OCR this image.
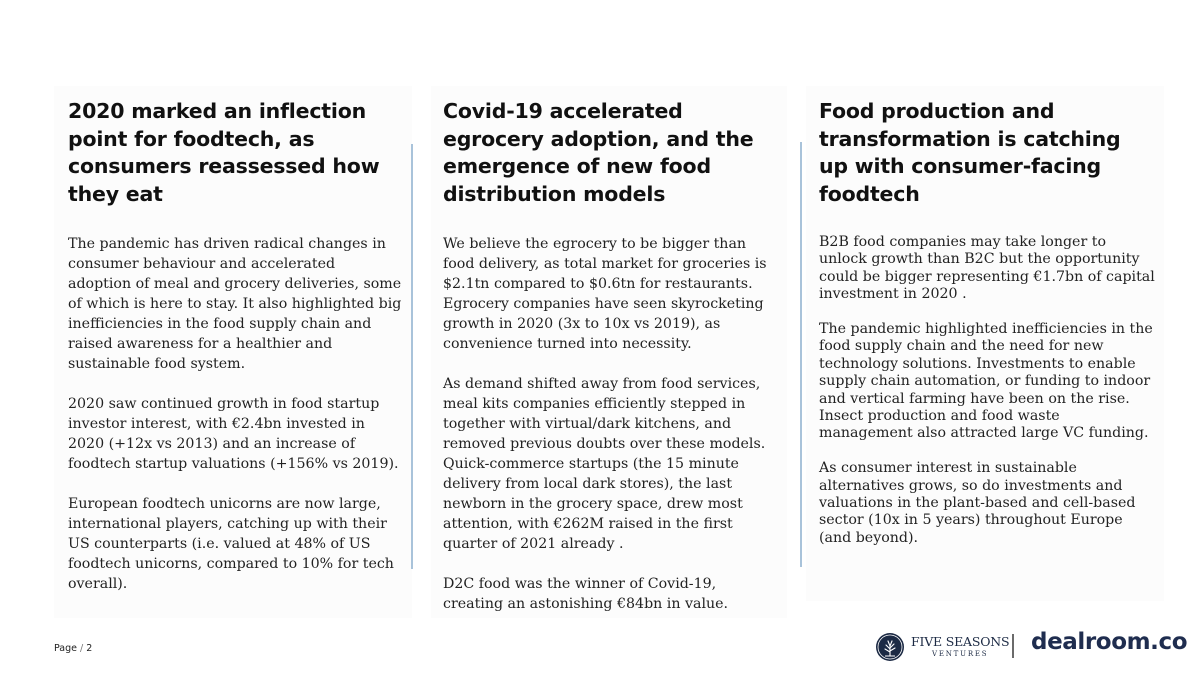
2020 marked an inflection point for foodtech, as consumers reassessed how they eat

The pandemic has driven radical changes in consumer behaviour and accelerated adoption of meal and grocery deliveries, some of which is here to stay. It also highlighted big inefficiencies in the food supply chain and raised awareness for a healthier and sustainable food system.

2020 saw continued growth in food startup investor interest, with €2.4bn invested in 2020 (+12x vs 2013) and an increase of foodtech startup valuations (+156% vs 2019).

European foodtech unicorns are now large, international players, catching up with their US counterparts (i.e. valued at 48% of US foodtech unicorns, compared to 10% for tech overall).

Covid-19 accelerated egrocery adoption, and the emergence of new food distribution models

We believe the egrocery to be bigger than food delivery, as total market for groceries is $2.1tn compared to $0.6tn for restaurants. Egrocery companies have seen skyrocketing growth in 2020 (3x to 10x vs 2019), as convenience turned into necessity.

As demand shifted away from food services, meal kits companies efficiently stepped in together with virtual/dark kitchens, and removed previous doubts over these models. Quick-commerce startups (the 15 minute delivery from local dark stores), the last newborn in the grocery space, drew most attention, with €262M raised in the first quarter of 2021 already .

D2C food was the winner of Covid-19, creating an astonishing €84bn in value.

Food production and transformation is catching up with consumer-facing foodtech

B2B food companies may take longer to unlock growth than B2C but the opportunity could be bigger representing €1.7bn of capital investment in 2020 .

The pandemic highlighted inefficiencies in the food supply chain and the need for new technology solutions. Investments to enable supply chain automation, or funding to indoor and vertical farming have been on the rise. Insect production and food waste management also attracted large VC funding.

As consumer interest in sustainable alternatives grows, so do investments and valuations in the plant-based and cell-based sector (10x in 5 years) throughout Europe (and beyond).

Page / 2	FIVE SEASONS
VENTURES	dealroom.co
